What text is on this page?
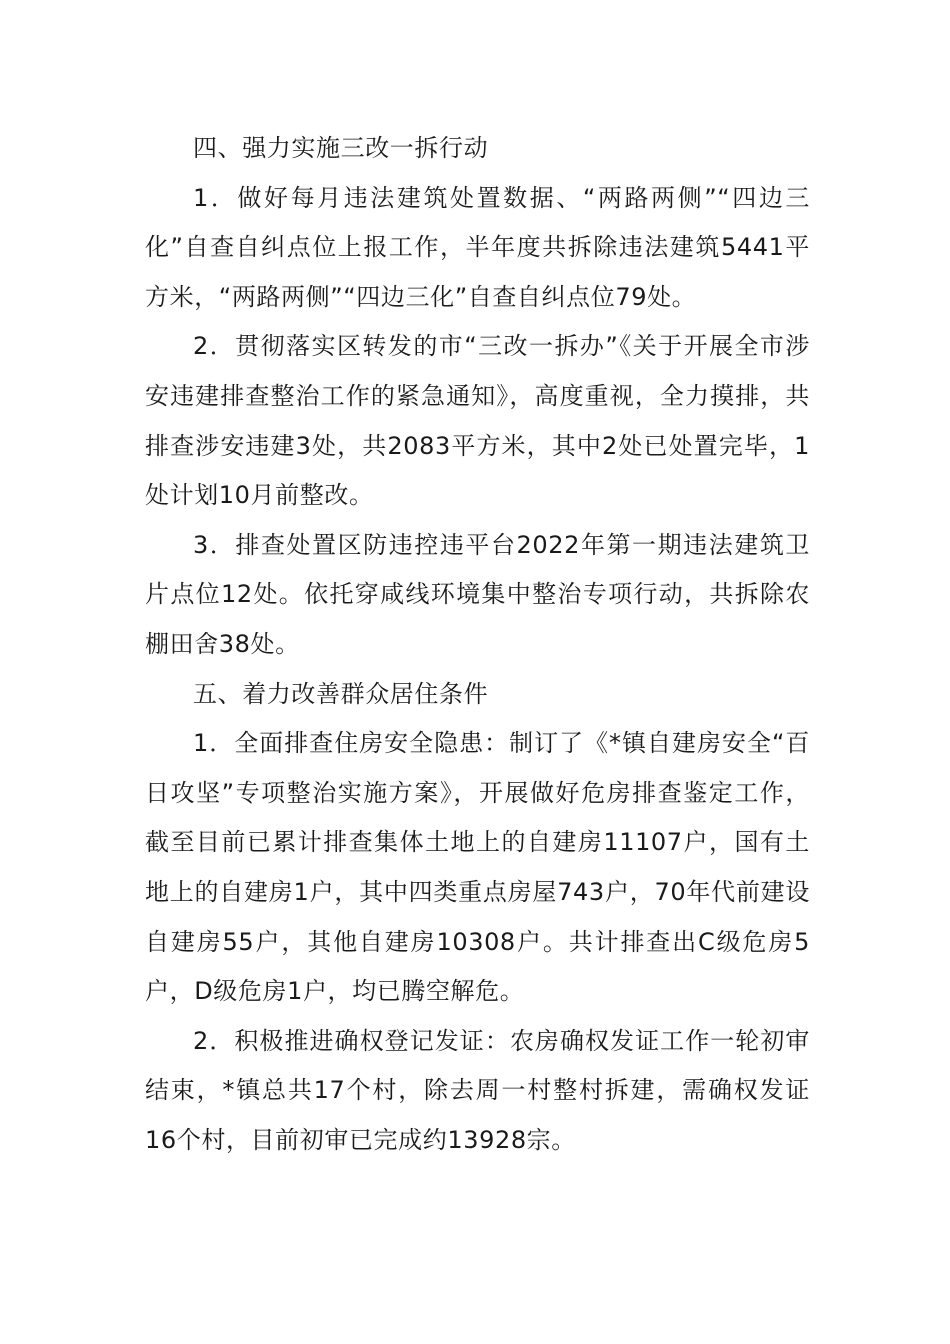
四、强力实施三改一拆行动

1．做好每月违法建筑处置数据、“两路两侧”“四边三化”自查自纠点位上报工作，半年度共拆除违法建筑5441平方米，“两路两侧”“四边三化”自查自纠点位79处。

2．贯彻落实区转发的市“三改一拆办”《关于开展全市涉安违建排查整治工作的紧急通知》，高度重视，全力摸排，共排查涉安违建3处，共2083平方米，其中2处已处置完毕，1处计划10月前整改。

3．排查处置区防违控违平台2022年第一期违法建筑卫片点位12处。依托穿咸线环境集中整治专项行动，共拆除农棚田舍38处。

五、着力改善群众居住条件

1．全面排查住房安全隐患：制订了《*镇自建房安全“百日攻坚”专项整治实施方案》，开展做好危房排查鉴定工作，截至目前已累计排查集体土地上的自建房11107户，国有土地上的自建房1户，其中四类重点房屋743户，70年代前建设自建房55户，其他自建房10308户。共计排查出C级危房5户，D级危房1户，均已腾空解危。

2．积极推进确权登记发证：农房确权发证工作一轮初审结束，*镇总共17个村，除去周一村整村拆建，需确权发证16个村，目前初审已完成约13928宗。
